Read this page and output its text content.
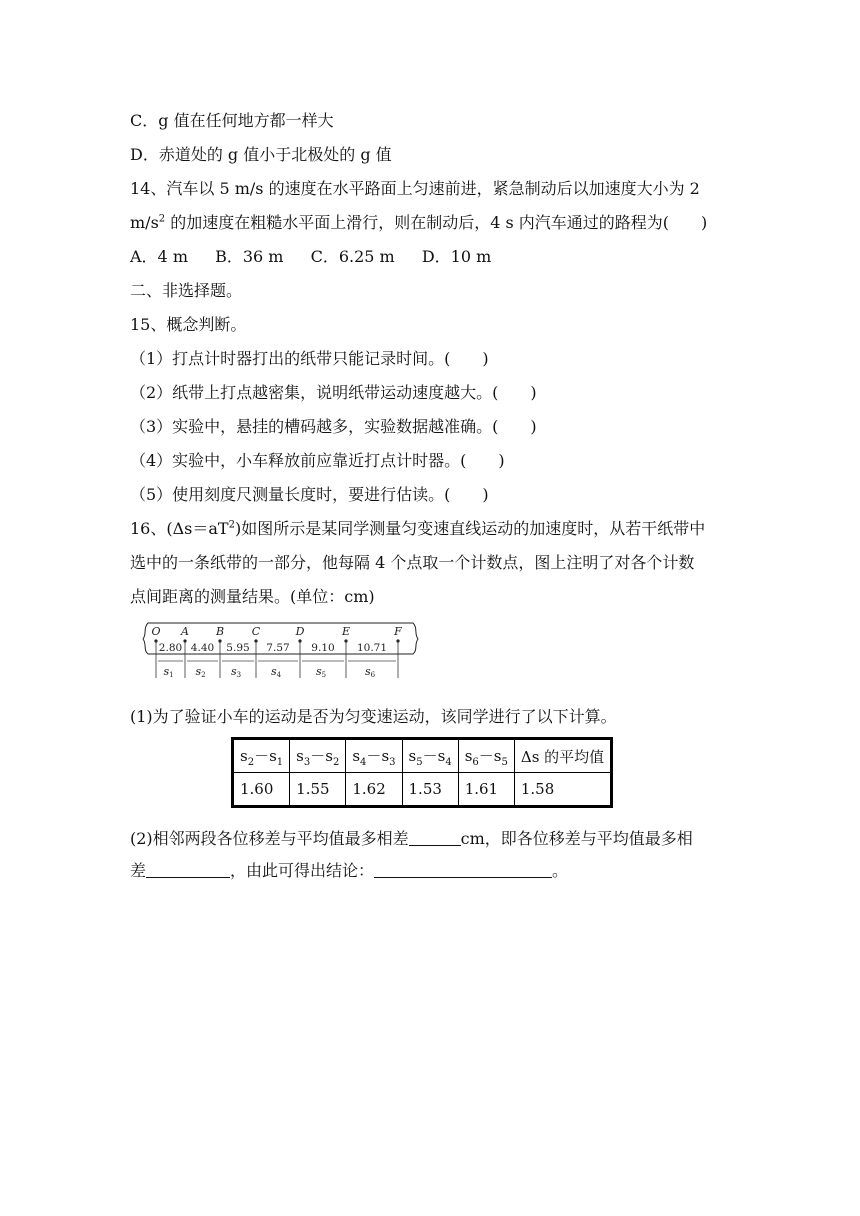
C．g 值在任何地方都一样大
D．赤道处的 g 值小于北极处的 g 值
14、汽车以 5 m/s 的速度在水平路面上匀速前进，紧急制动后以加速度大小为 2
$m/s^2$ 的加速度在粗糙水平面上滑行，则在制动后，4 s 内汽车通过的路程为(　　)
A．4 m B．36 m C．6.25 m D．10 m
二、非选择题。
15、概念判断。
（1）打点计时器打出的纸带只能记录时间。(　　)
（2）纸带上打点越密集，说明纸带运动速度越大。(　　)
（3）实验中，悬挂的槽码越多，实验数据越准确。(　　)
（4）实验中，小车释放前应靠近打点计时器。(　　)
（5）使用刻度尺测量长度时，要进行估读。(　　)
16、$(\Delta s=aT^2)$如图所示是某同学测量匀变速直线运动的加速度时，从若干纸带中
选中的一条纸带的一部分，他每隔 4 个点取一个计数点，图上注明了对各个计数
点间距离的测量结果。(单位：cm)
O A B	C	D	E	F
2.80
s1
4.40
s2
5.95
s3
7.57
s4
9.10
s5
10.71
s6
(1)为了验证小车的运动是否为匀变速运动，该同学进行了以下计算。
$s_2-s_1$	$s_3-s_2$	$s_4-s_3$	$s_5-s_4$	$s_6-s_5$	Δs 的平均值
1.60	1.55	1.62	1.53	1.61	1.58
(2)相邻两段各位移差与平均值最多相差	cm，即各位移差与平均值最多相
差	，由此可得出结论：	。
